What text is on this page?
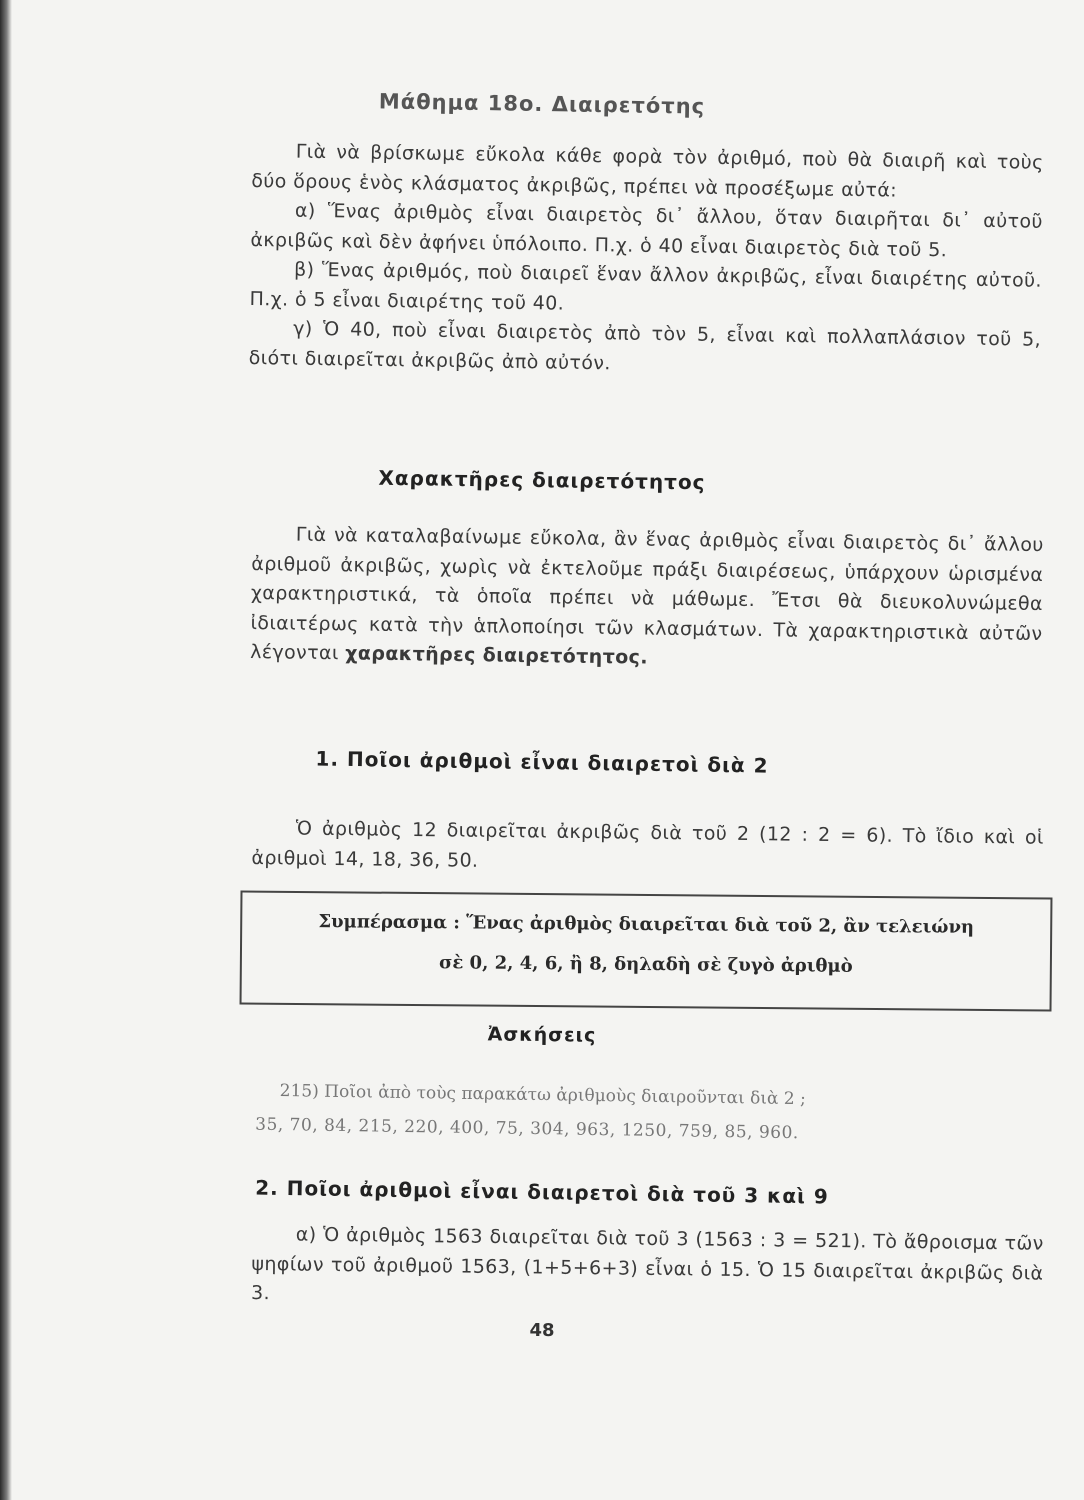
Μάθημα 18ο. Διαιρετότης

Γιὰ νὰ βρίσκωμε εὔκολα κάθε φορὰ τὸν ἀριθμό, ποὺ θὰ διαιρῆ καὶ τοὺς δύο ὅρους ἑνὸς κλάσματος ἀκριβῶς, πρέπει νὰ προσέξωμε αὐτά:

α) Ἕνας ἀριθμὸς εἶναι διαιρετὸς δι᾽ ἄλλου, ὅταν διαιρῆται δι᾽ αὐτοῦ ἀκριβῶς καὶ δὲν ἀφήνει ὑπόλοιπο. Π.χ. ὁ 40 εἶναι διαιρετὸς διὰ τοῦ 5.

β) Ἕνας ἀριθμός, ποὺ διαιρεῖ ἕναν ἄλλον ἀκριβῶς, εἶναι διαιρέτης αὐτοῦ. Π.χ. ὁ 5 εἶναι διαιρέτης τοῦ 40.

γ) Ὁ 40, ποὺ εἶναι διαιρετὸς ἀπὸ τὸν 5, εἶναι καὶ πολλαπλάσιον τοῦ 5, διότι διαιρεῖται ἀκριβῶς ἀπὸ αὐτόν.

Χαρακτῆρες διαιρετότητος

Γιὰ νὰ καταλαβαίνωμε εὔκολα, ἂν ἕνας ἀριθμὸς εἶναι διαιρετὸς δι᾽ ἄλλου ἀριθμοῦ ἀκριβῶς, χωρὶς νὰ ἐκτελοῦμε πράξι διαιρέσεως, ὑπάρχουν ὡρισμένα χαρακτηριστικά, τὰ ὁποῖα πρέπει νὰ μάθωμε. Ἔτσι θὰ διευκολυνώμεθα ἰδιαιτέρως κατὰ τὴν ἁπλοποίησι τῶν κλασμάτων. Τὰ χαρακτηριστικὰ αὐτῶν λέγονται χαρακτῆρες διαιρετότητος.

1. Ποῖοι ἀριθμοὶ εἶναι διαιρετοὶ διὰ 2

Ὁ ἀριθμὸς 12 διαιρεῖται ἀκριβῶς διὰ τοῦ 2 (12 : 2 = 6). Τὸ ἴδιο καὶ οἱ ἀριθμοὶ 14, 18, 36, 50.

Συμπέρασμα : Ἕνας ἀριθμὸς διαιρεῖται διὰ τοῦ 2, ἂν τελειώνη
σὲ 0, 2, 4, 6, ἢ 8, δηλαδὴ σὲ ζυγὸ ἀριθμὸ
Ἀσκήσεις

215) Ποῖοι ἀπὸ τοὺς παρακάτω ἀριθμοὺς διαιροῦνται διὰ 2 ;

35, 70, 84, 215, 220, 400, 75, 304, 963, 1250, 759, 85, 960.

2. Ποῖοι ἀριθμοὶ εἶναι διαιρετοὶ διὰ τοῦ 3 καὶ 9

α) Ὁ ἀριθμὸς 1563 διαιρεῖται διὰ τοῦ 3 (1563 : 3 = 521). Τὸ ἄθροισμα τῶν ψηφίων τοῦ ἀριθμοῦ 1563, (1+5+6+3) εἶναι ὁ 15. Ὁ 15 διαιρεῖται ἀκριβῶς διὰ 3.

48
